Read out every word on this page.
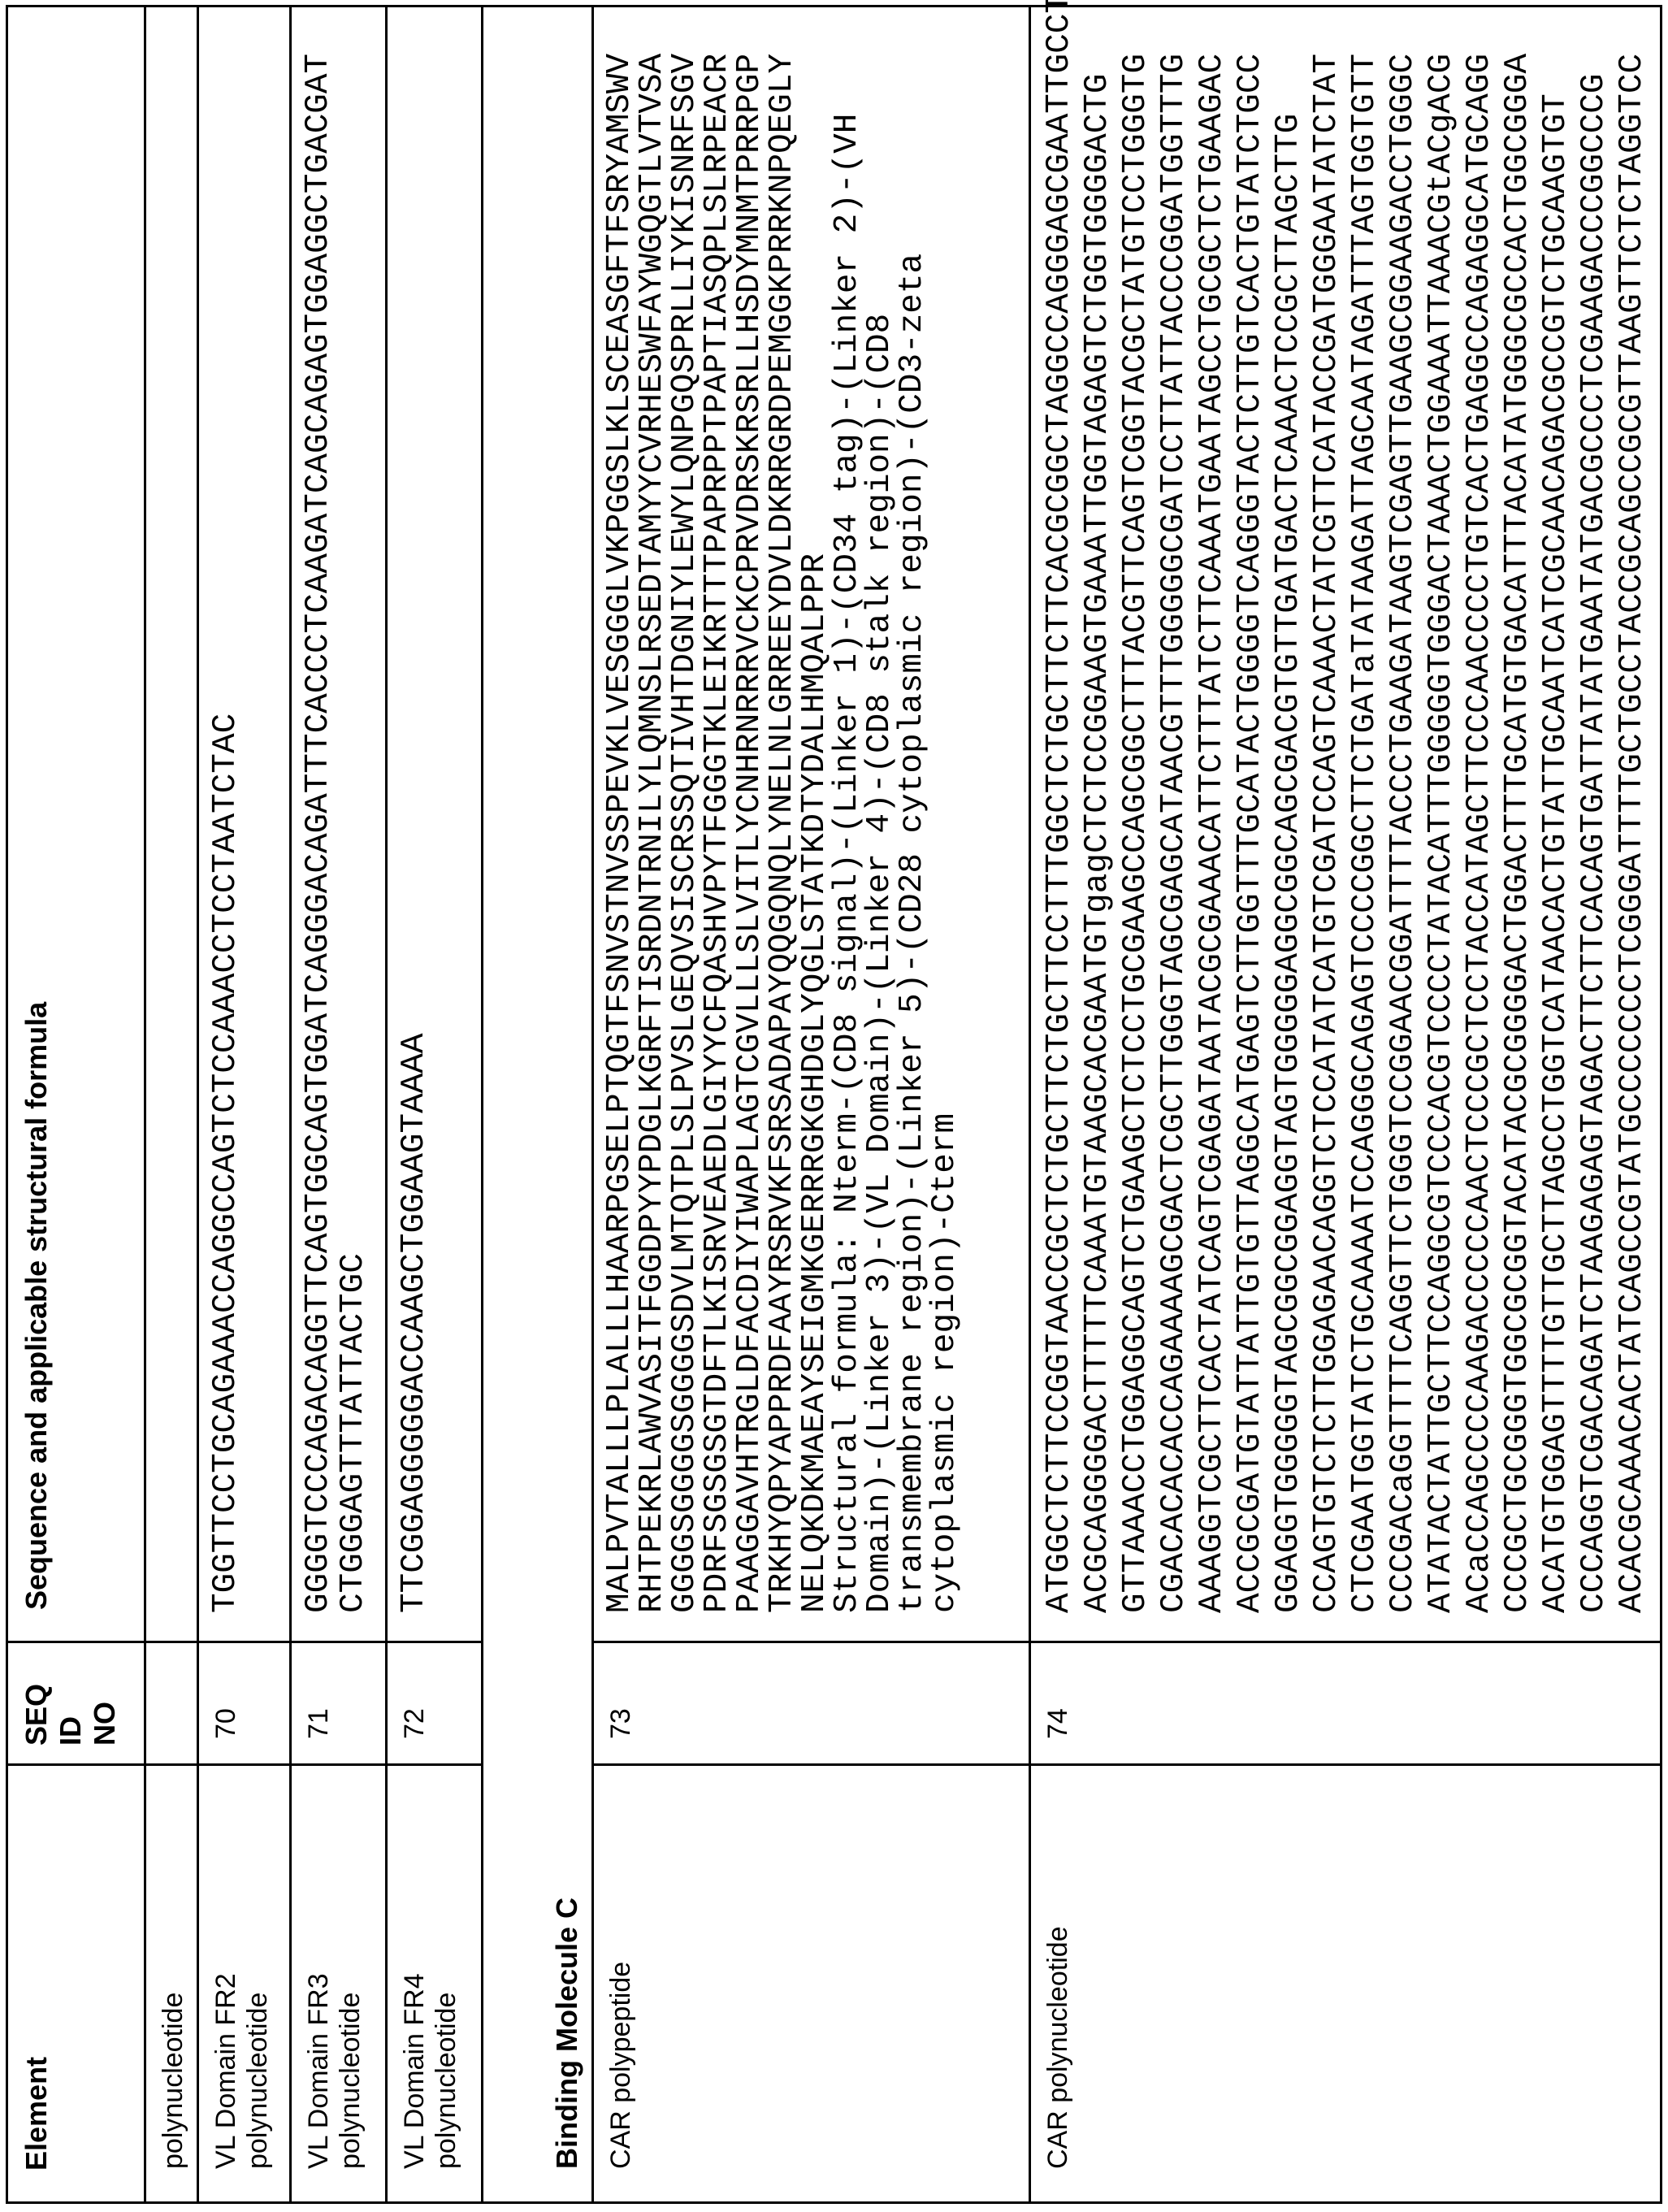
Element	
SEQ ID NO
	Sequence and applicable structural formula

polynucleotide		VL Domain FR2 polynucleotide
	70	
TGGTTCCTGCAGAAACCAGGCCAGTCTCCAAACCTCCTAATCTAC

VL Domain FR3 polynucleotide
	71	
GGGGTCCCAGACAGGTTCAGTGGCAGTGGATCAGGGACAGATTTCACCCTCAAGATCAGCAGAGTGGAGGCTGACGAT
CTGGGAGTTTATTACTGC

VL Domain FR4 polynucleotide
	72	
TTCGGAGGGGGACCAAGCTGGAAGTAAAA

Binding Molecule CCAR polypeptide
	73	
MALPVTALLLPLALLLHAARPGSELPTQGTFSNVSTNVSSPEVKLVESGGGLVKPGGSLKLSCEASGFTFSRYAMSWV
RHTPEKRLAWVASITFGGDPYYPDGLKGRFTISRDNTRNILYLQMNSLRSEDTAMYYCVRHESWFAYWGQGTLVTVSA
GGGGSGGGGSGGGGSDVLMTQTPLSLPVSLGEQVSISCRSSQTIVHTDGNIYLEWYLQNPGQSPRLLIYKISNRFSGV
PDRFSGSGSGTDFTLKISRVEAEDLGIYYCFQASHVPYTFGGGTKLEIKRTTTPAPRPPTPAPTIASQPLSLRPEACR
PAAGGAVHTRGLDFACDIYIWAPLAGTCGVLLLSLVITLYCNHRNRRRVCKCPRVDRSKRSRLLHSDYMNMTPRRPGP
TRKHYQPYAPPRDFAAYRSRVKFSRSADAPAYQQGQNQLYNELNLGRREEYDVLDKRRGRDPEMGGKPRRKNPQEGLY
NELQKDKMAEAYSEIGMKGERRRGKGHDGLYQGLSTATKDTYDALHMQALPPR
Structural formula: Nterm-(CD8 signal)-(Linker 1)-(CD34 tag)-(Linker 2)-(VH
Domain)-(Linker 3)-(VL Domain)-(Linker 4)-(CD8 stalk region)-(CD8
transmembrane region)-(Linker 5)-(CD28 cytoplasmic region)-(CD3-zeta
cytoplasmic region)-Cterm

CAR polynucleotide
	74	
ATGGCTCTTCCGGTAACCGCTCTGCTTCTGCTTCCTTTGGCTCTGCTTCTTCACGCGGCTAGGCCAGGGAGCGAATTGCCT ACGCAGGGGACTTTTTCAAATGTAAGCACGAATGTgagCTCTCCGGAAGTGAAATTGGTAGAGTCTGGTGGGGACTG GTTAAACCTGGAGGCAGTCTGAAGCTCTCCTGCGAAGCCAGCGGCTTTACGTTCAGTCGGTACGCTATGTCCTGGGTG CGACACACACCAGAAAAGCGACTCGCTTGGGTAGCGAGCATAACGTTTGGGGGCGATCCTTATTACCCGGATGGTTTG AAAGGTCGCTTCACTATCAGTCGAGATAATACGCGAAACATTCTTTATCTTCAAATGAATAGCCTGCGCTCTGAAGAC ACCGCGATGTATTATTGTGTTAGGCATGAGTCTTGGTTTGCATACTGGGGTCAGGGTACTCTTGTCACTGTATCTGCC GGAGGTGGGGGTAGCGGCGGAGGTAGTGGGGGAGGCGGCAGCGACGTGTTGATGACTCAAACTCCGCTTAGCTTG CCAGTGTCTCTTGGAGAACAGGTCTCCATATCATGTCGATCCAGTCAAACTATCGTTCATACCGATGGGAATATCTAT CTCGAATGGTATCTGCAAAATCCAGGGCAGAGTCCCCGGCTTCTGATaTATAAGATTAGCAATAGATTTAGTGGTGTT CCCGACaGGTTTTCAGGTTCTGGGTCCGGAACGGATTTTACCCTGAAGATAAGTCGAGTTGAAGCGGAAGACCTGGGC ATATACTATTGCTTCCAGGCGTCCCACGTCCCCTATACATTTGGGGGTGGGACTAAACTGGAAATTAAACGtACgACG ACaCCAGCCCCAAGACCCCCAACTCCCGCTCCTACCATAGCTTCCCAACCCCTGTCACTGAGGCCAGAGGCATGCAGG CCCGCTGCGGGTGGCGCGGTACATACGCGGGGACTGGACTTTGCATGTGACATTTACATATGGGCGCCACTGGCGGGA ACATGTGGAGTTTTGTTGCTTAGCCTGGTCATAACACTGTATTGCAATCATCGCAACAGACGCCGTCTGCAAGTGT CCCAGGTCGACAGATCTAAGAGAGTAGACTTCTTCACAGTGATTATATGAATATGACGCCCTCGAAGACCCGGCCCG ACACGCAAACACTATCAGCCGTATGCCCCCCCTCGGGATTTTGCTGCCTACCGCAGCCGCGTTAAGTTCTCTAGGTCC
